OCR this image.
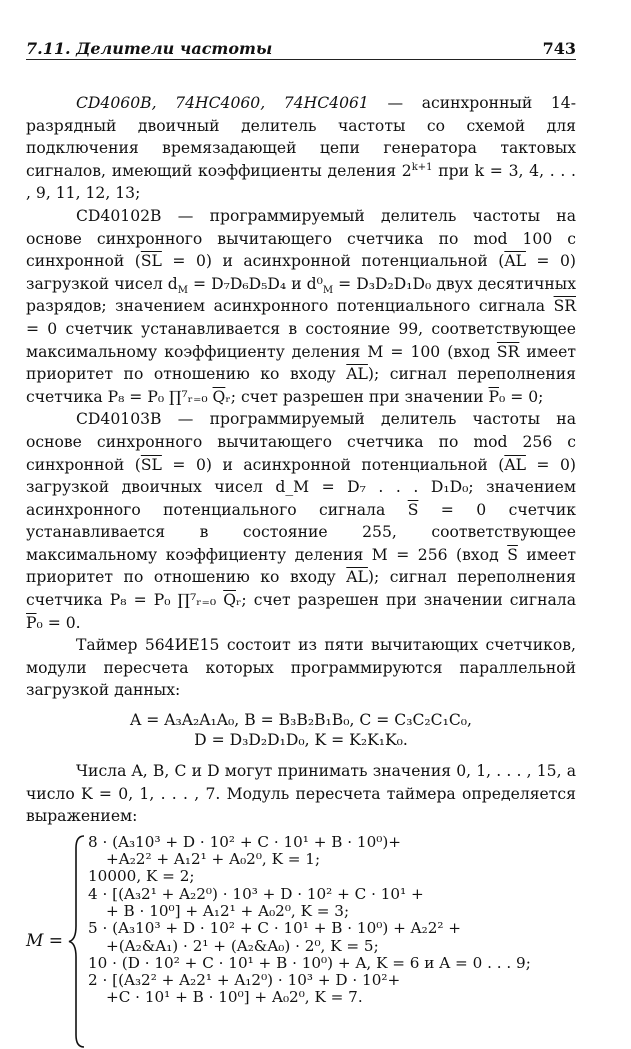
7.11. Делители частоты	743

CD4060B, 74HC4060, 74HC4061 — асинхронный 14-разрядный двоичный делитель частоты со схемой для подключения времязадающей цепи генератора тактовых сигналов, имеющий коэффициенты деления $2^{k+1}$ при k = 3, 4, . . . , 9, 11, 12, 13;

CD40102B — программируемый делитель частоты на основе синхронного вычитающего счетчика по mod 100 с синхронной $(\overline{SL} = 0)$ и асинхронной потенциальной $(\overline{AL} = 0)$ загрузкой чисел $d_M = D_7D_6D_5D_4$ и $d^0_M = D_3D_2D_1D_0$ двух десятичных разрядов; значением асинхронного потенциального сигнала $\overline{SR} = 0$ счетчик устанавливается в состояние 99, соответствующее максимальному коэффициенту деления M = 100 (вход $\overline{SR}$ имеет приоритет по отношению ко входу $\overline{AL}$); сигнал переполнения счетчика P₈ = P₀ ∏⁷ᵣ₌₀ $\overline{Q}ᵣ$; счет разрешен при значении $\overline{P}_0 = 0$;

CD40103B — программируемый делитель частоты на основе синхронного вычитающего счетчика по mod 256 с синхронной $(\overline{SL} = 0)$ и асинхронной потенциальной $(\overline{AL} = 0)$ загрузкой двоичных чисел d_M = D₇ . . . D₁D₀; значением асинхронного потенциального сигнала $\overline{S} = 0$ счетчик устанавливается в состояние 255, соответствующее максимальному коэффициенту деления M = 256 (вход $\overline{S}$ имеет приоритет по отношению ко входу $\overline{AL}$); сигнал переполнения счетчика P₈ = P₀ ∏⁷ᵣ₌₀ $\overline{Q}ᵣ$; счет разрешен при значении сигнала $\overline{P}_0 = 0$.

Таймер 564ИЕ15 состоит из пяти вычитающих счетчиков, модули пересчета которых программируются параллельной загрузкой данных:

A = A₃A₂A₁A₀, B = B₃B₂B₁B₀, C = C₃C₂C₁C₀,
D = D₃D₂D₁D₀, K = K₂K₁K₀.

Числа A, B, C и D могут принимать значения 0, 1, . . . , 15, а число K = 0, 1, . . . , 7. Модуль пересчета таймера определяется выражением:

M =
8 · (A₃10³ + D · 10² + C · 10¹ + B · 10⁰)+
+A₂2² + A₁2¹ + A₀2⁰, K = 1;
10000, K = 2;
4 · [(A₃2¹ + A₂2⁰) · 10³ + D · 10² + C · 10¹ +
+ B · 10⁰] + A₁2¹ + A₀2⁰, K = 3;
5 · (A₃10³ + D · 10² + C · 10¹ + B · 10⁰) + A₂2² +
+(A₂&A₁) · 2¹ + (A₂&A₀) · 2⁰, K = 5;
10 · (D · 10² + C · 10¹ + B · 10⁰) + A, K = 6 и A = 0 . . . 9;
2 · [(A₃2² + A₂2¹ + A₁2⁰) · 10³ + D · 10²+
+C · 10¹ + B · 10⁰] + A₀2⁰, K = 7.
